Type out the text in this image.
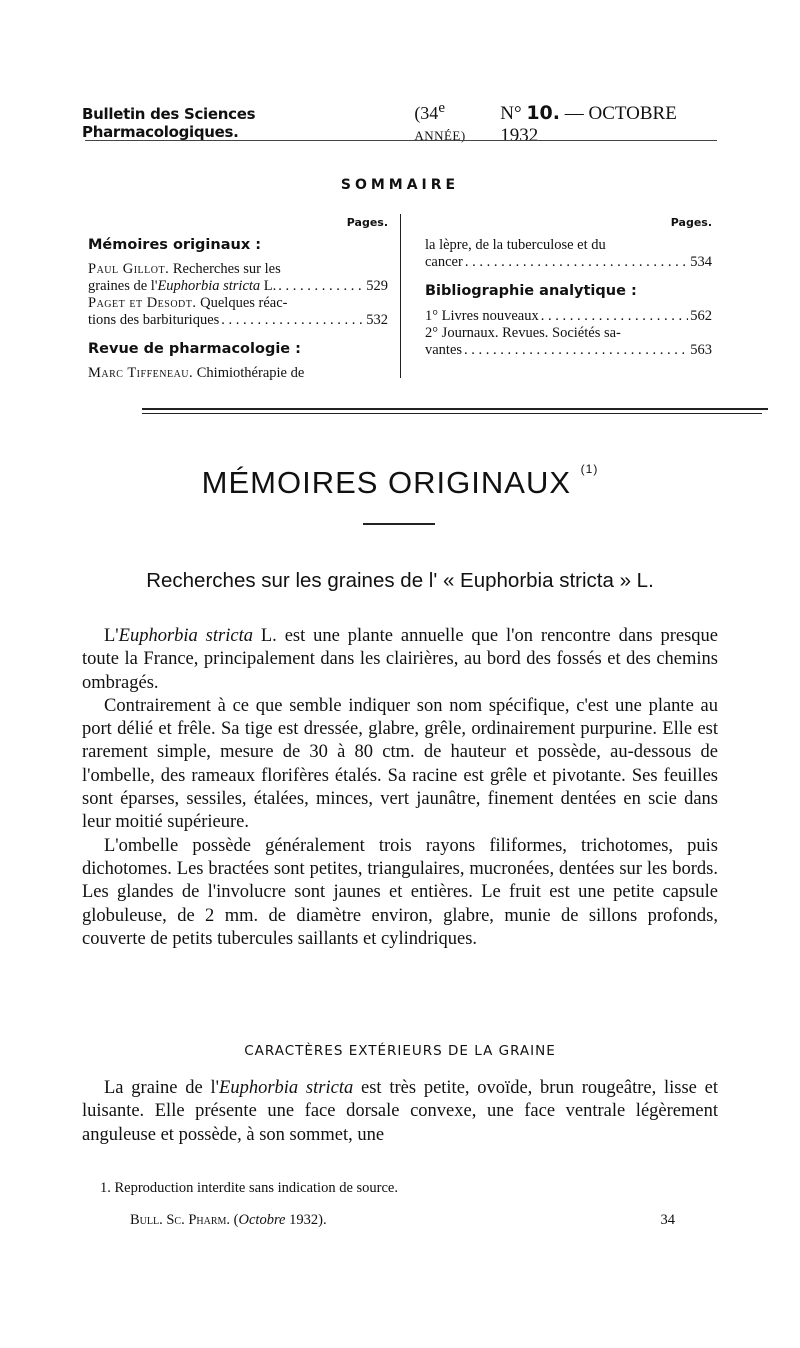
Bulletin des Sciences Pharmacologiques.
(34e ANNÉE)
N° 10. — OCTOBRE 1932
SOMMAIRE
Pages.
Mémoires originaux :
Paul Gillot. Recherches sur les
graines de l'Euphorbia stricta L. . . .	529
Paget et Desodt. Quelques réac-
tions des barbituriques . . .	532
Revue de pharmacologie :
Marc Tiffeneau. Chimiothérapie de
Pages.
la lèpre, de la tuberculose et du
cancer . . .	534
Bibliographie analytique :
1° Livres nouveaux . . .	562
2° Journaux. Revues. Sociétés sa-
vantes . . .	563
MÉMOIRES ORIGINAUX $^{(1)}$
Recherches sur les graines de l' « Euphorbia stricta » L.

L'Euphorbia stricta L. est une plante annuelle que l'on rencontre dans presque toute la France, principalement dans les clairières, au bord des fossés et des chemins ombragés.

Contrairement à ce que semble indiquer son nom spécifique, c'est une plante au port délié et frêle. Sa tige est dressée, glabre, grêle, ordinairement purpurine. Elle est rarement simple, mesure de 30 à 80 ctm. de hauteur et possède, au-dessous de l'ombelle, des rameaux florifères étalés. Sa racine est grêle et pivotante. Ses feuilles sont éparses, sessiles, étalées, minces, vert jaunâtre, finement dentées en scie dans leur moitié supérieure.

L'ombelle possède généralement trois rayons filiformes, trichotomes, puis dichotomes. Les bractées sont petites, triangulaires, mucronées, dentées sur les bords. Les glandes de l'involucre sont jaunes et entières. Le fruit est une petite capsule globuleuse, de 2 mm. de diamètre environ, glabre, munie de sillons profonds, couverte de petits tubercules saillants et cylindriques.

CARACTÈRES EXTÉRIEURS DE LA GRAINE

La graine de l'Euphorbia stricta est très petite, ovoïde, brun rougeâtre, lisse et luisante. Elle présente une face dorsale convexe, une face ventrale légèrement anguleuse et possède, à son sommet, une

1. Reproduction interdite sans indication de source.
Bull. Sc. Pharm. (Octobre 1932).	34
